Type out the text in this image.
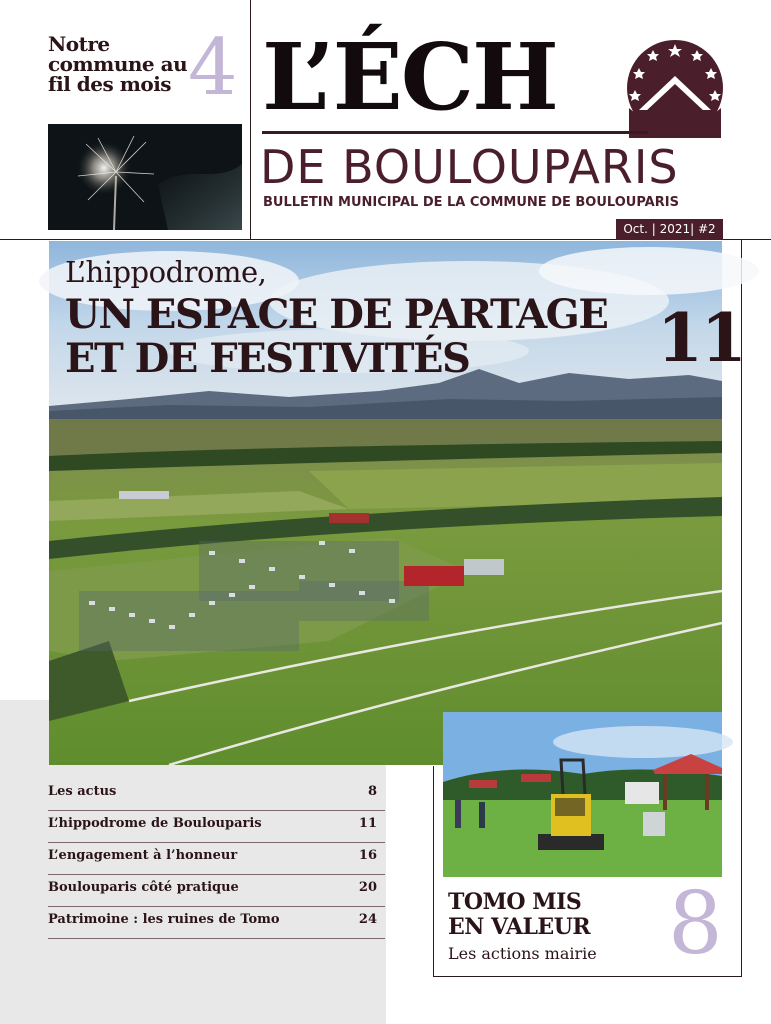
Notre commune au fil des mois 4 L’ÉCH
DE BOULOUPARIS
BULLETIN MUNICIPAL DE LA COMMUNE DE BOULOUPARIS
Oct. | 2021| #2
L’hippodrome,
UN ESPACE DE PARTAGE
ET DE FESTIVITÉS	11
TOMO MIS
EN VALEUR
Les actions mairie 8
Les actus	8
L’hippodrome de Boulouparis	11
L’engagement à l’honneur	16
Boulouparis côté pratique	20
Patrimoine : les ruines de Tomo	24
